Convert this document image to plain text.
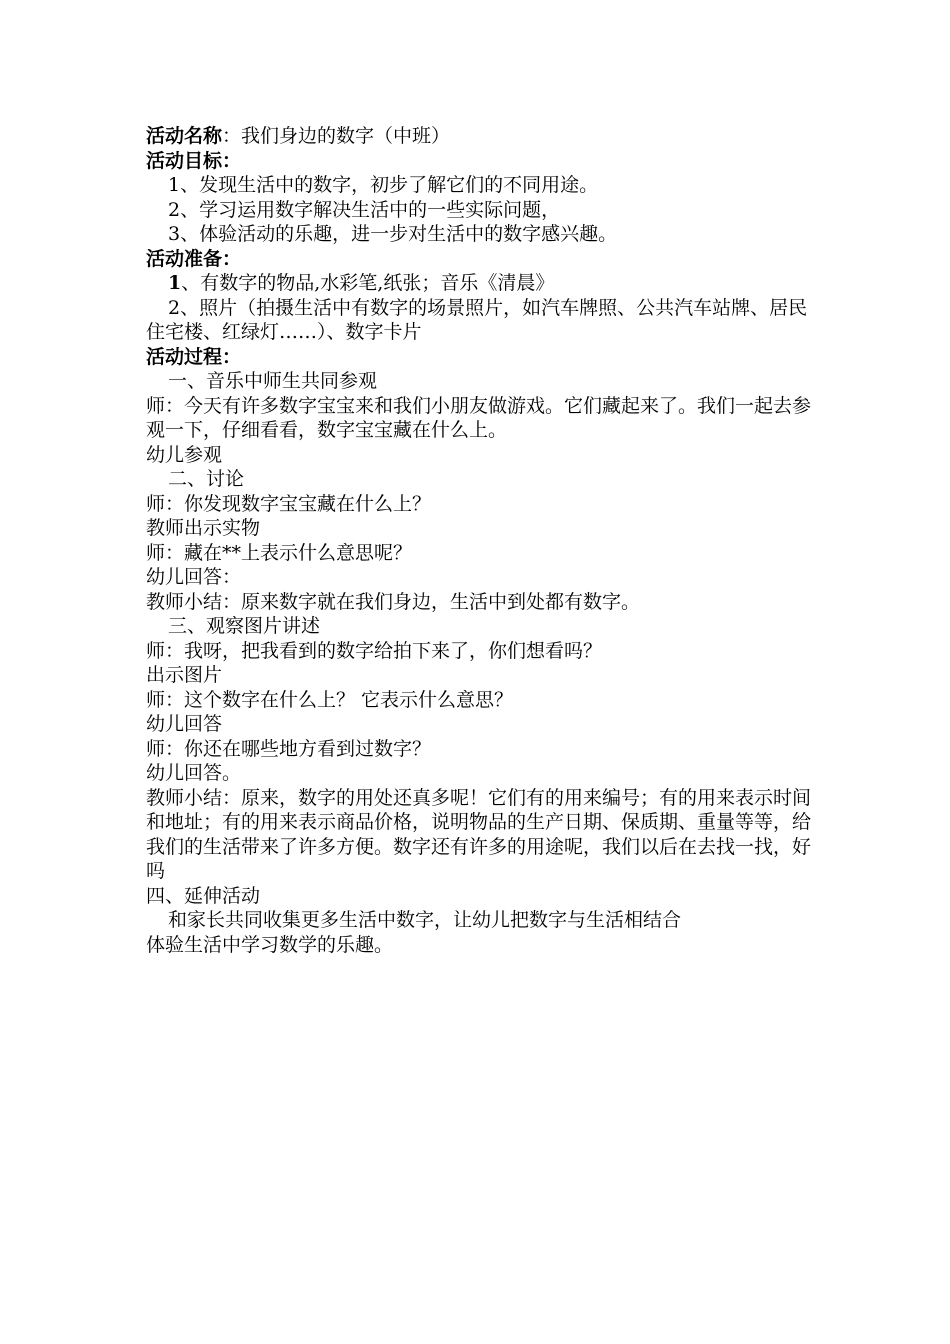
活动名称：我们身边的数字（中班）

活动目标：

1、发现生活中的数字，初步了解它们的不同用途。

2、学习运用数字解决生活中的一些实际问题，

3、体验活动的乐趣，进一步对生活中的数字感兴趣。

活动准备：

1、有数字的物品,水彩笔,纸张；音乐《清晨》

2、照片（拍摄生活中有数字的场景照片，如汽车牌照、公共汽车站牌、居民住宅楼、红绿灯……）、数字卡片

活动过程：

一、音乐中师生共同参观

师：今天有许多数字宝宝来和我们小朋友做游戏。它们藏起来了。我们一起去参观一下，仔细看看，数字宝宝藏在什么上。

幼儿参观

二、讨论

师：你发现数字宝宝藏在什么上？

教师出示实物

师：藏在**上表示什么意思呢？

幼儿回答：

教师小结：原来数字就在我们身边，生活中到处都有数字。

三、观察图片讲述

师：我呀，把我看到的数字给拍下来了，你们想看吗？

出示图片

师：这个数字在什么上？ 它表示什么意思？

幼儿回答

师：你还在哪些地方看到过数字？

幼儿回答。

教师小结：原来，数字的用处还真多呢！它们有的用来编号；有的用来表示时间和地址；有的用来表示商品价格，说明物品的生产日期、保质期、重量等等，给我们的生活带来了许多方便。数字还有许多的用途呢，我们以后在去找一找，好吗

四、延伸活动

和家长共同收集更多生活中数字，让幼儿把数字与生活相结合

体验生活中学习数学的乐趣。
